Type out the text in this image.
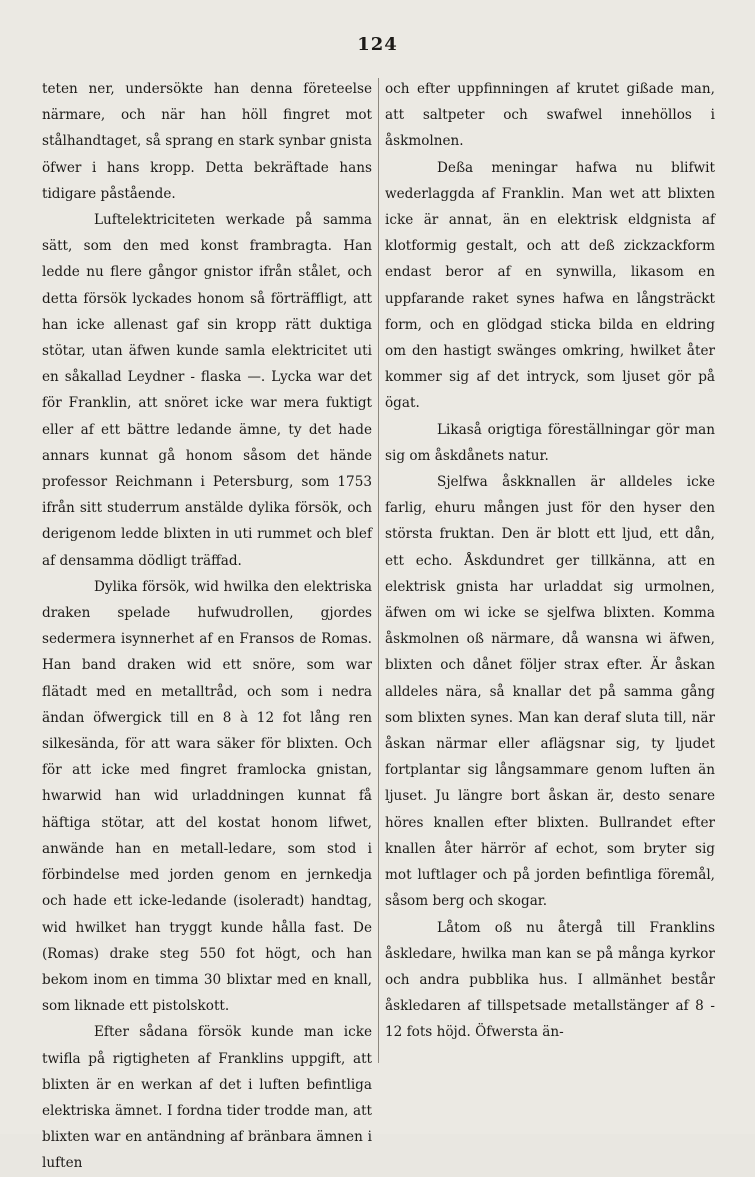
124

teten ner, undersökte han denna företeelse närmare, och när han höll fingret mot stålhandtaget, så sprang en stark synbar gnista öfwer i hans kropp. Detta bekräftade hans tidigare påstående.

Luftelektriciteten werkade på samma sätt, som den med konst frambragta. Han ledde nu flere gångor gnistor ifrån stålet, och detta försök lyckades honom så förträffligt, att han icke allenast gaf sin kropp rätt duktiga stötar, utan äfwen kunde samla elektricitet uti en såkallad Leydner - flaska —. Lycka war det för Franklin, att snöret icke war mera fuktigt eller af ett bättre ledande ämne, ty det hade annars kunnat gå honom såsom det hände professor Reichmann i Petersburg, som 1753 ifrån sitt studerrum anstälde dylika försök, och derigenom ledde blixten in uti rummet och blef af densamma dödligt träffad.

Dylika försök, wid hwilka den elektriska draken spelade hufwudrollen, gjordes sedermera isynnerhet af en Fransos de Romas. Han band draken wid ett snöre, som war flätadt med en metalltråd, och som i nedra ändan öfwergick till en 8 à 12 fot lång ren silkesända, för att wara säker för blixten. Och för att icke med fingret framlocka gnistan, hwarwid han wid urladdningen kunnat få häftiga stötar, att del kostat honom lifwet, anwände han en metall-ledare, som stod i förbindelse med jorden genom en jernkedja och hade ett icke-ledande (isoleradt) handtag, wid hwilket han tryggt kunde hålla fast. De (Romas) drake steg 550 fot högt, och han bekom inom en timma 30 blixtar med en knall, som liknade ett pistolskott.

Efter sådana försök kunde man icke twifla på rigtigheten af Franklins uppgift, att blixten är en werkan af det i luften befintliga elektriska ämnet. I fordna tider trodde man, att blixten war en antändning af bränbara ämnen i luften

och efter uppfinningen af krutet gißade man, att saltpeter och swafwel innehöllos i åskmolnen.

Deßa meningar hafwa nu blifwit wederlaggda af Franklin. Man wet att blixten icke är annat, än en elektrisk eldgnista af klotformig gestalt, och att deß zickzackform endast beror af en synwilla, likasom en uppfarande raket synes hafwa en långsträckt form, och en glödgad sticka bilda en eldring om den hastigt swänges omkring, hwilket åter kommer sig af det intryck, som ljuset gör på ögat.

Likaså origtiga föreställningar gör man sig om åskdånets natur.

Sjelfwa åskknallen är alldeles icke farlig, ehuru mången just för den hyser den största fruktan. Den är blott ett ljud, ett dån, ett echo. Åskdundret ger tillkänna, att en elektrisk gnista har urladdat sig urmolnen, äfwen om wi icke se sjelfwa blixten. Komma åskmolnen oß närmare, då wansna wi äfwen, blixten och dånet följer strax efter. Är åskan alldeles nära, så knallar det på samma gång som blixten synes. Man kan deraf sluta till, när åskan närmar eller aflägsnar sig, ty ljudet fortplantar sig långsammare genom luften än ljuset. Ju längre bort åskan är, desto senare höres knallen efter blixten. Bullrandet efter knallen åter härrör af echot, som bryter sig mot luftlager och på jorden befintliga föremål, såsom berg och skogar.

Låtom oß nu återgå till Franklins åskledare, hwilka man kan se på många kyrkor och andra pubblika hus. I allmänhet består åskledaren af tillspetsade metallstänger af 8 - 12 fots höjd. Öfwersta än-
